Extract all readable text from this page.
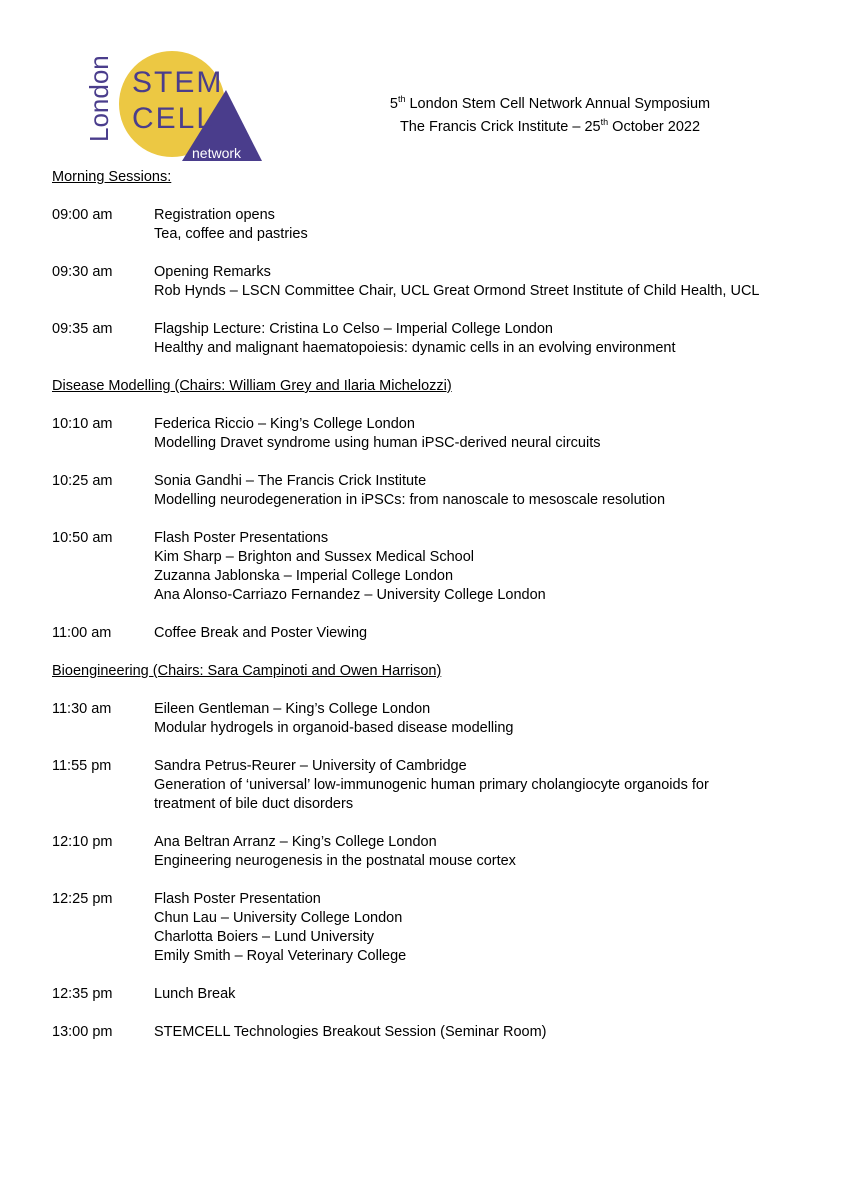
London STEM
CELL
network
5th London Stem Cell Network Annual Symposium
The Francis Crick Institute – 25th October 2022
Morning Sessions:
09:00 am	Registration opens
Tea, coffee and pastries
09:30 am	Opening Remarks
Rob Hynds – LSCN Committee Chair, UCL Great Ormond Street Institute of Child Health, UCL
09:35 am	Flagship Lecture: Cristina Lo Celso – Imperial College London
Healthy and malignant haematopoiesis: dynamic cells in an evolving environment
Disease Modelling (Chairs: William Grey and Ilaria Michelozzi)
10:10 am	Federica Riccio – King’s College London
Modelling Dravet syndrome using human iPSC-derived neural circuits
10:25 am	Sonia Gandhi – The Francis Crick Institute
Modelling neurodegeneration in iPSCs: from nanoscale to mesoscale resolution
10:50 am	Flash Poster Presentations
Kim Sharp – Brighton and Sussex Medical School
Zuzanna Jablonska – Imperial College London
Ana Alonso-Carriazo Fernandez – University College London
11:00 am	Coffee Break and Poster Viewing
Bioengineering (Chairs: Sara Campinoti and Owen Harrison)
11:30 am	Eileen Gentleman – King’s College London
Modular hydrogels in organoid-based disease modelling
11:55 pm	Sandra Petrus-Reurer – University of Cambridge
Generation of ‘universal’ low-immunogenic human primary cholangiocyte organoids for
treatment of bile duct disorders
12:10 pm	Ana Beltran Arranz – King’s College London
Engineering neurogenesis in the postnatal mouse cortex
12:25 pm	Flash Poster Presentation
Chun Lau – University College London
Charlotta Boiers – Lund University
Emily Smith – Royal Veterinary College
12:35 pm	Lunch Break
13:00 pm	STEMCELL Technologies Breakout Session (Seminar Room)
